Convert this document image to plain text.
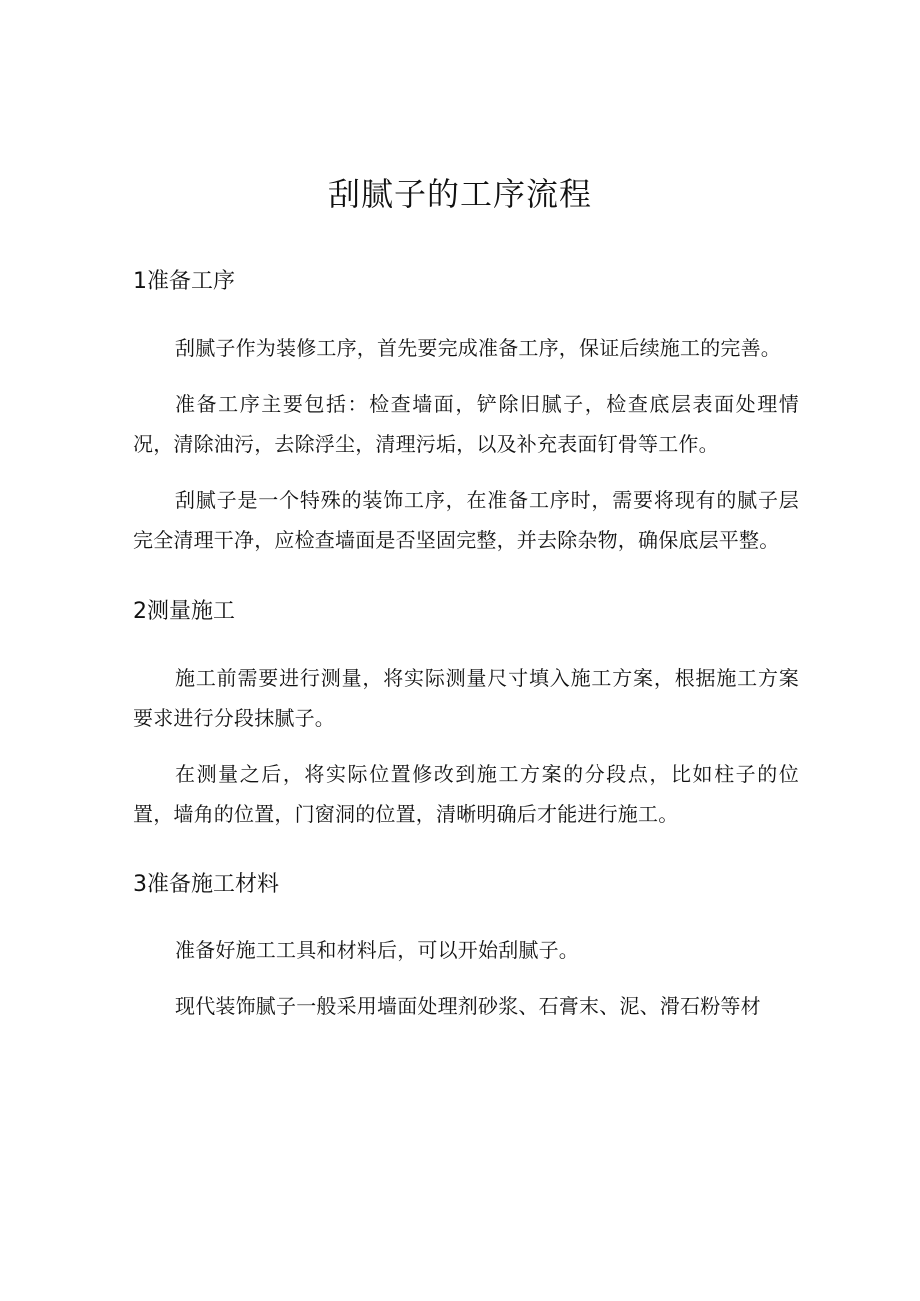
刮腻子的工序流程
1准备工序

刮腻子作为装修工序，首先要完成准备工序，保证后续施工的完善。

准备工序主要包括：检查墙面，铲除旧腻子，检查底层表面处理情况，清除油污，去除浮尘，清理污垢，以及补充表面钉骨等工作。

刮腻子是一个特殊的装饰工序，在准备工序时，需要将现有的腻子层完全清理干净，应检查墙面是否坚固完整，并去除杂物，确保底层平整。

2测量施工

施工前需要进行测量，将实际测量尺寸填入施工方案，根据施工方案要求进行分段抹腻子。

在测量之后，将实际位置修改到施工方案的分段点，比如柱子的位置，墙角的位置，门窗洞的位置，清晰明确后才能进行施工。

3准备施工材料

准备好施工工具和材料后，可以开始刮腻子。

现代装饰腻子一般采用墙面处理剂砂浆、石膏末、泥、滑石粉等材
